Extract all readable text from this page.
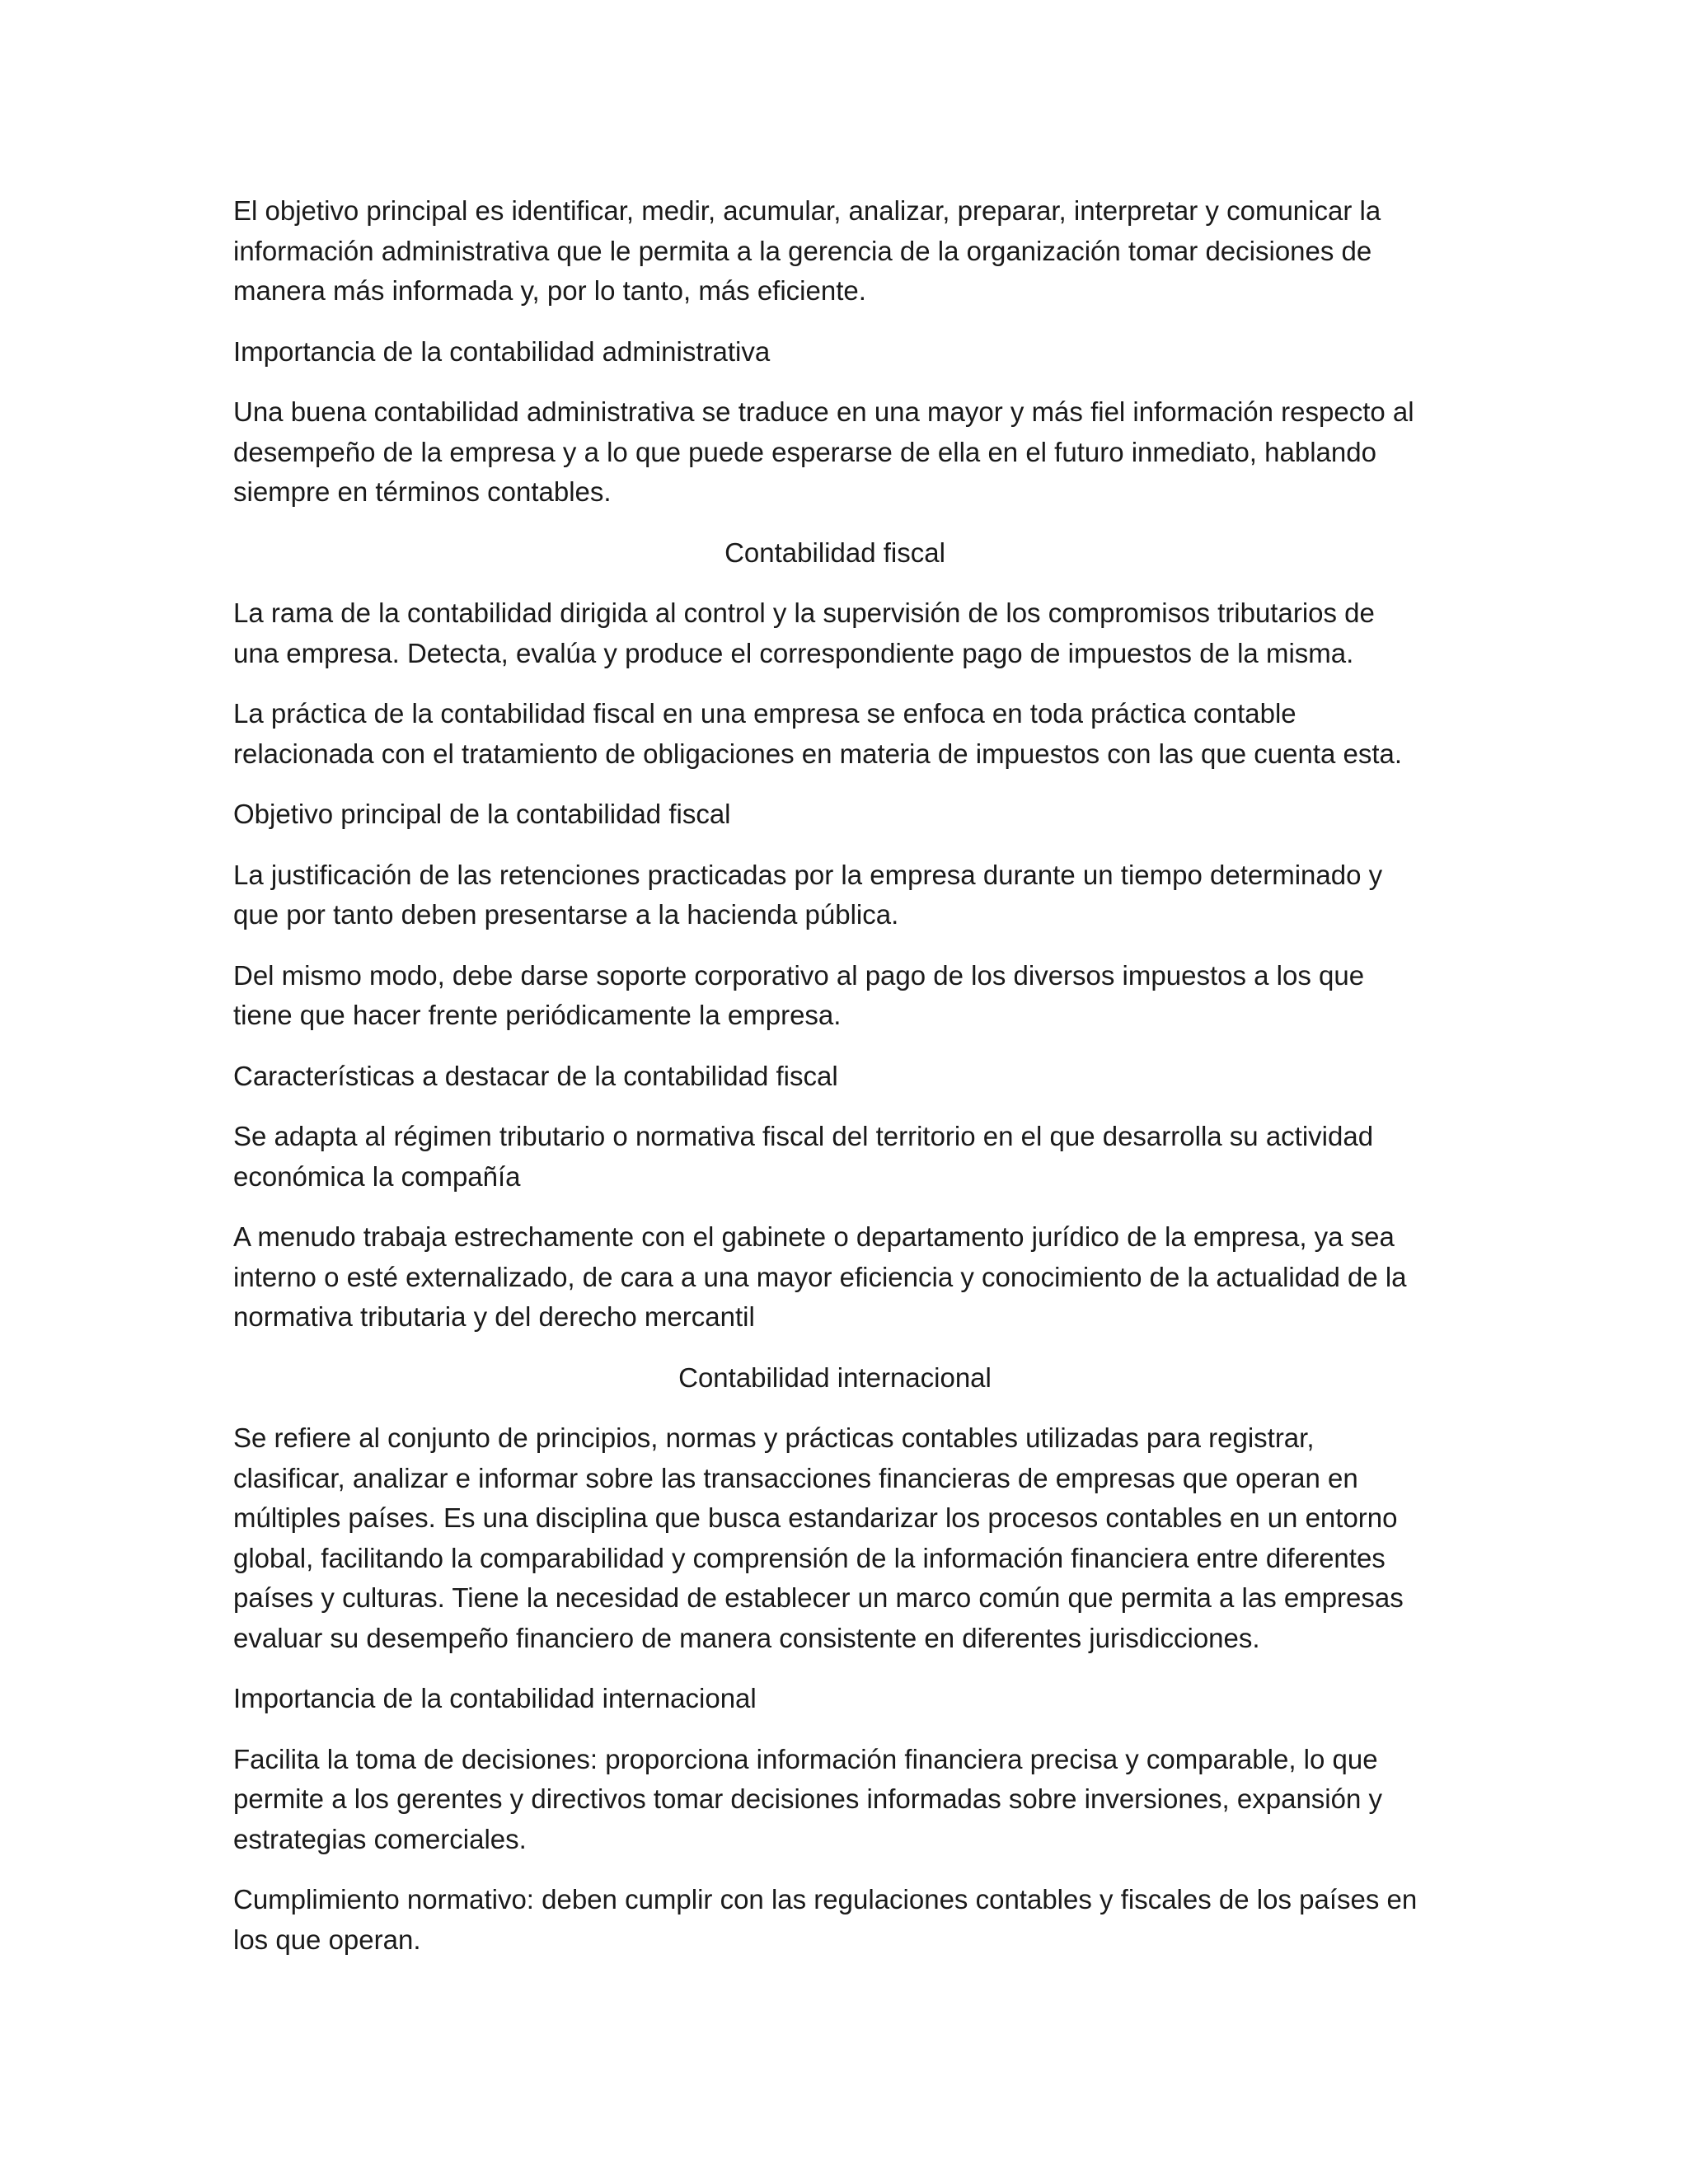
El objetivo principal es identificar, medir, acumular, analizar, preparar, interpretar y comunicar la
información administrativa que le permita a la gerencia de la organización tomar decisiones de
manera más informada y, por lo tanto, más eficiente.
Importancia de la contabilidad administrativa
Una buena contabilidad administrativa se traduce en una mayor y más fiel información respecto al
desempeño de la empresa y a lo que puede esperarse de ella en el futuro inmediato, hablando
siempre en términos contables.
Contabilidad fiscal
La rama de la contabilidad dirigida al control y la supervisión de los compromisos tributarios de
una empresa. Detecta, evalúa y produce el correspondiente pago de impuestos de la misma.
La práctica de la contabilidad fiscal en una empresa se enfoca en toda práctica contable
relacionada con el tratamiento de obligaciones en materia de impuestos con las que cuenta esta.
Objetivo principal de la contabilidad fiscal
La justificación de las retenciones practicadas por la empresa durante un tiempo determinado y
que por tanto deben presentarse a la hacienda pública.
Del mismo modo, debe darse soporte corporativo al pago de los diversos impuestos a los que
tiene que hacer frente periódicamente la empresa.
Características a destacar de la contabilidad fiscal
Se adapta al régimen tributario o normativa fiscal del territorio en el que desarrolla su actividad
económica la compañía
A menudo trabaja estrechamente con el gabinete o departamento jurídico de la empresa, ya sea
interno o esté externalizado, de cara a una mayor eficiencia y conocimiento de la actualidad de la
normativa tributaria y del derecho mercantil
Contabilidad internacional
Se refiere al conjunto de principios, normas y prácticas contables utilizadas para registrar,
clasificar, analizar e informar sobre las transacciones financieras de empresas que operan en
múltiples países. Es una disciplina que busca estandarizar los procesos contables en un entorno
global, facilitando la comparabilidad y comprensión de la información financiera entre diferentes
países y culturas. Tiene la necesidad de establecer un marco común que permita a las empresas
evaluar su desempeño financiero de manera consistente en diferentes jurisdicciones.
Importancia de la contabilidad internacional
Facilita la toma de decisiones: proporciona información financiera precisa y comparable, lo que
permite a los gerentes y directivos tomar decisiones informadas sobre inversiones, expansión y
estrategias comerciales.
Cumplimiento normativo: deben cumplir con las regulaciones contables y fiscales de los países en
los que operan.
